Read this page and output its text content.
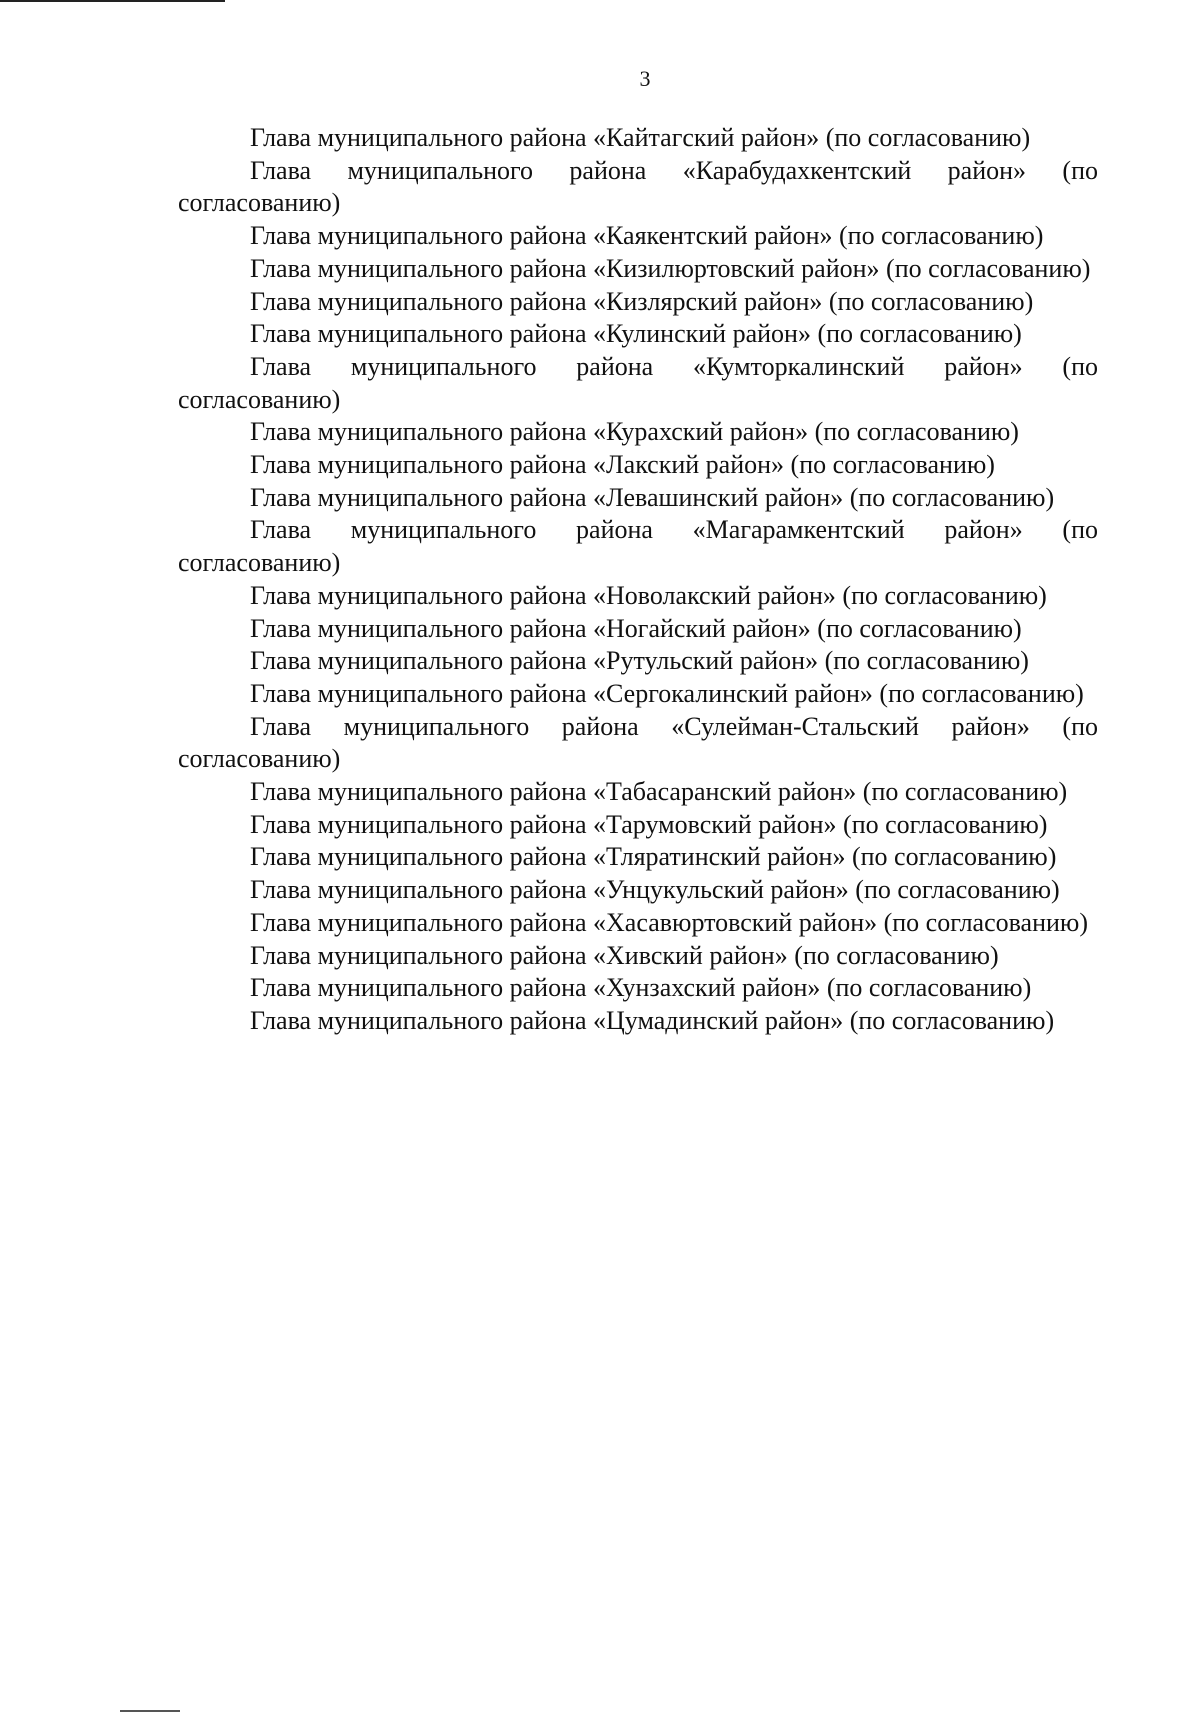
3

Глава муниципального района «Кайтагский район» (по согласованию)

Глава муниципального района «Карабудахкентский район» (по согласованию)

Глава муниципального района «Каякентский район» (по согласованию)

Глава муниципального района «Кизилюртовский район» (по согласованию)

Глава муниципального района «Кизлярский район» (по согласованию)

Глава муниципального района «Кулинский район» (по согласованию)

Глава муниципального района «Кумторкалинский район» (по согласованию)

Глава муниципального района «Курахский район» (по согласованию)

Глава муниципального района «Лакский район» (по согласованию)

Глава муниципального района «Левашинский район» (по согласованию)

Глава муниципального района «Магарамкентский район» (по согласованию)

Глава муниципального района «Новолакский район» (по согласованию)

Глава муниципального района «Ногайский район» (по согласованию)

Глава муниципального района «Рутульский район» (по согласованию)

Глава муниципального района «Сергокалинский район» (по согласованию)

Глава муниципального района «Сулейман-Стальский район» (по согласованию)

Глава муниципального района «Табасаранский район» (по согласованию)

Глава муниципального района «Тарумовский район» (по согласованию)

Глава муниципального района «Тляратинский район» (по согласованию)

Глава муниципального района «Унцукульский район» (по согласованию)

Глава муниципального района «Хасавюртовский район» (по согласованию)

Глава муниципального района «Хивский район» (по согласованию)

Глава муниципального района «Хунзахский район» (по согласованию)

Глава муниципального района «Цумадинский район» (по согласованию)
